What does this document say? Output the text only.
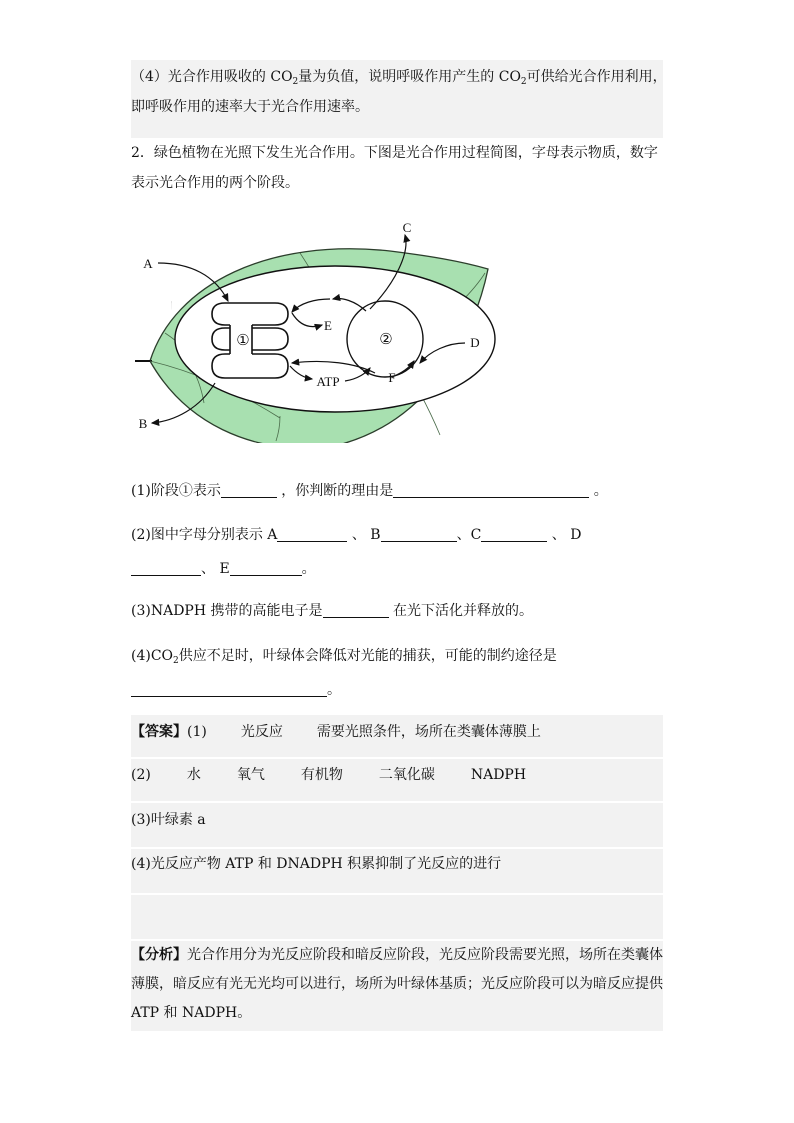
（4）光合作用吸收的 $CO_2$量为负值，说明呼吸作用产生的 $CO_2$可供给光合作用利用，
即呼吸作用的速率大于光合作用速率。
2．绿色植物在光照下发生光合作用。下图是光合作用过程简图，字母表示物质，数字
表示光合作用的两个阶段。
①	②
E
ATP	F
D
C
A
B
(1)阶段①表示	，你判断的理由是	。
(2)图中字母分别表示 A	、 B	、C	、 D
、 E	。
(3)NADPH 携带的高能电子是	在光下活化并释放的。
$(4)CO_2$供应不足时，叶绿体会降低对光能的捕获，可能的制约途径是
。
【答案】(1) 光反应 需要光照条件，场所在类囊体薄膜上
(2)	水	氧气	有机物	二氧化碳	NADPH
(3)叶绿素 a
(4)光反应产物 ATP 和 DNADPH 积累抑制了光反应的进行
【分析】光合作用分为光反应阶段和暗反应阶段，光反应阶段需要光照，场所在类囊体
薄膜，暗反应有光无光均可以进行，场所为叶绿体基质；光反应阶段可以为暗反应提供
ATP 和 NADPH。
